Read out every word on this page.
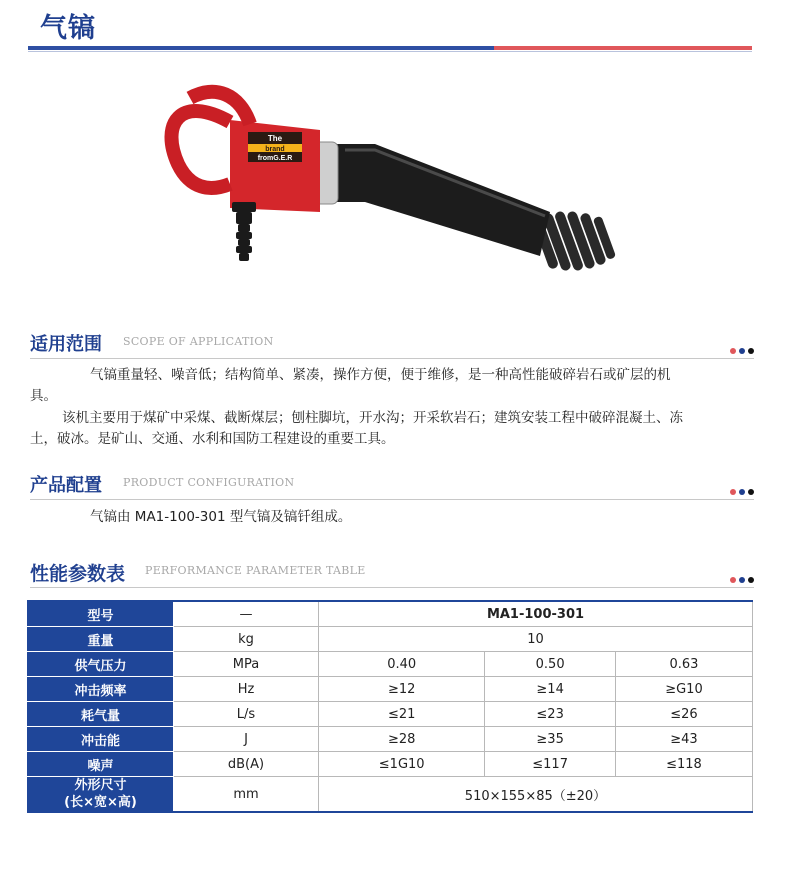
气镐
The
brand
fromG.E.R
适用范围 SCOPE OF APPLICATION
气镐重量轻、噪音低；结构简单、紧凑，操作方便，便于维修，是一种高性能破碎岩石或矿层的机
具。
该机主要用于煤矿中采煤、截断煤层；刨柱脚坑，开水沟；开采软岩石；建筑安装工程中破碎混凝土、冻
土，破冰。是矿山、交通、水利和国防工程建设的重要工具。
产品配置 PRODUCT CONFIGURATION
气镐由 MA1-100-301 型气镐及镐钎组成。
性能参数表 PERFORMANCE PARAMETER TABLE
型号	—	MA1-100-301		
重量	kg	10		
供气压力	MPa	0.40	0.50	0.63
冲击频率	Hz	≥12	≥14	≥G10
耗气量	L/s	≤21	≤23	≤26
冲击能	J	≥28	≥35	≥43
噪声	dB(A)	≤1G10	≤117	≤118

外形尺寸
(长×宽×高)	mm	510×155×85（±20）		
